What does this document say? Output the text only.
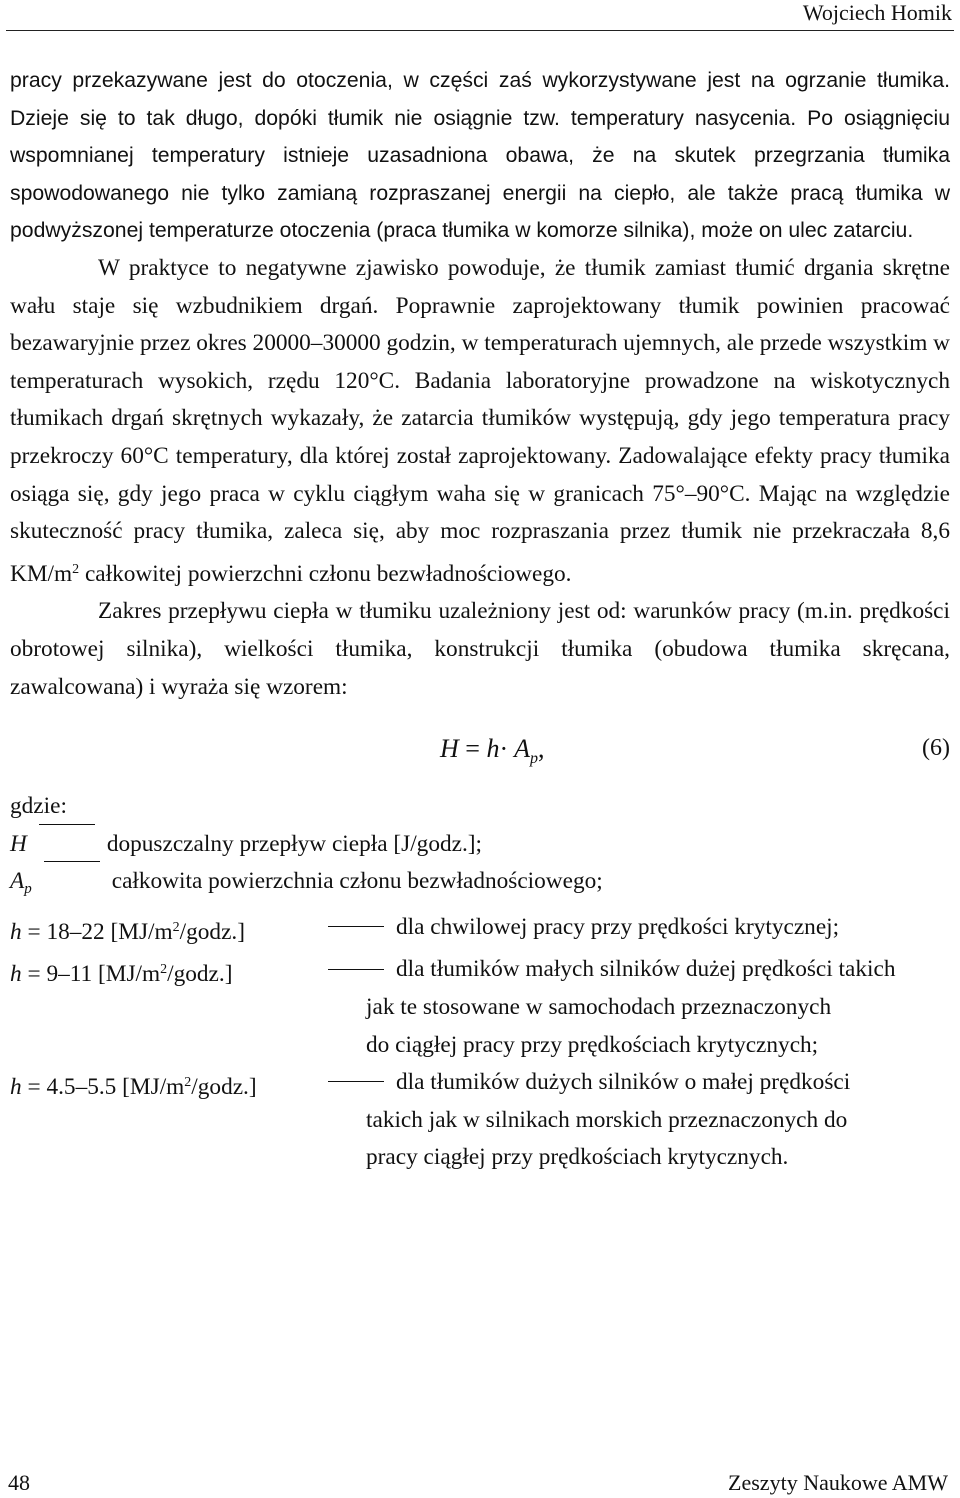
Wojciech Homik

pracy przekazywane jest do otoczenia, w części zaś wykorzystywane jest na ogrzanie tłumika. Dzieje się to tak długo, dopóki tłumik nie osiągnie tzw. temperatury nasycenia. Po osiągnięciu wspomnianej temperatury istnieje uzasadniona obawa, że na skutek przegrzania tłumika spowodowanego nie tylko zamianą rozpraszanej energii na ciepło, ale także pracą tłumika w podwyższonej temperaturze otoczenia (praca tłumika w komorze silnika), może on ulec zatarciu.

W praktyce to negatywne zjawisko powoduje, że tłumik zamiast tłumić drgania skrętne wału staje się wzbudnikiem drgań. Poprawnie zaprojektowany tłumik powinien pracować bezawaryjnie przez okres 20000–30000 godzin, w temperaturach ujemnych, ale przede wszystkim w temperaturach wysokich, rzędu 120°C. Badania laboratoryjne prowadzone na wiskotycznych tłumikach drgań skrętnych wykazały, że zatarcia tłumików występują, gdy jego temperatura pracy przekroczy 60°C temperatury, dla której został zaprojektowany. Zadowalające efekty pracy tłumika osiąga się, gdy jego praca w cyklu ciągłym waha się w granicach 75°–90°C. Mając na względzie skuteczność pracy tłumika, zaleca się, aby moc rozpraszania przez tłumik nie przekraczała 8,6 $KM/m^2$ całkowitej powierzchni członu bezwładnościowego.

Zakres przepływu ciepła w tłumiku uzależniony jest od: warunków pracy (m.in. prędkości obrotowej silnika), wielkości tłumika, konstrukcji tłumika (obudowa tłumika skręcana, zawalcowana) i wyraża się wzorem:

$H = h\cdot A_p$,	(6)
gdzie:
H	dopuszczalny przepływ ciepła [J/godz.];
$A_p$	całkowita powierzchnia członu bezwładnościowego;
h = 18–22 $[MJ/m^2/godz.]$	dla chwilowej pracy przy prędkości krytycznej;
h = 9–11 $[MJ/m^2/godz.]$	dla tłumików małych silników dużej prędkości takich
jak te stosowane w samochodach przeznaczonych
do ciągłej pracy przy prędkościach krytycznych;
h = 4.5–5.5 $[MJ/m^2/godz.]$	dla tłumików dużych silników o małej prędkości
takich jak w silnikach morskich przeznaczonych do
pracy ciągłej przy prędkościach krytycznych.
48	Zeszyty Naukowe AMW
